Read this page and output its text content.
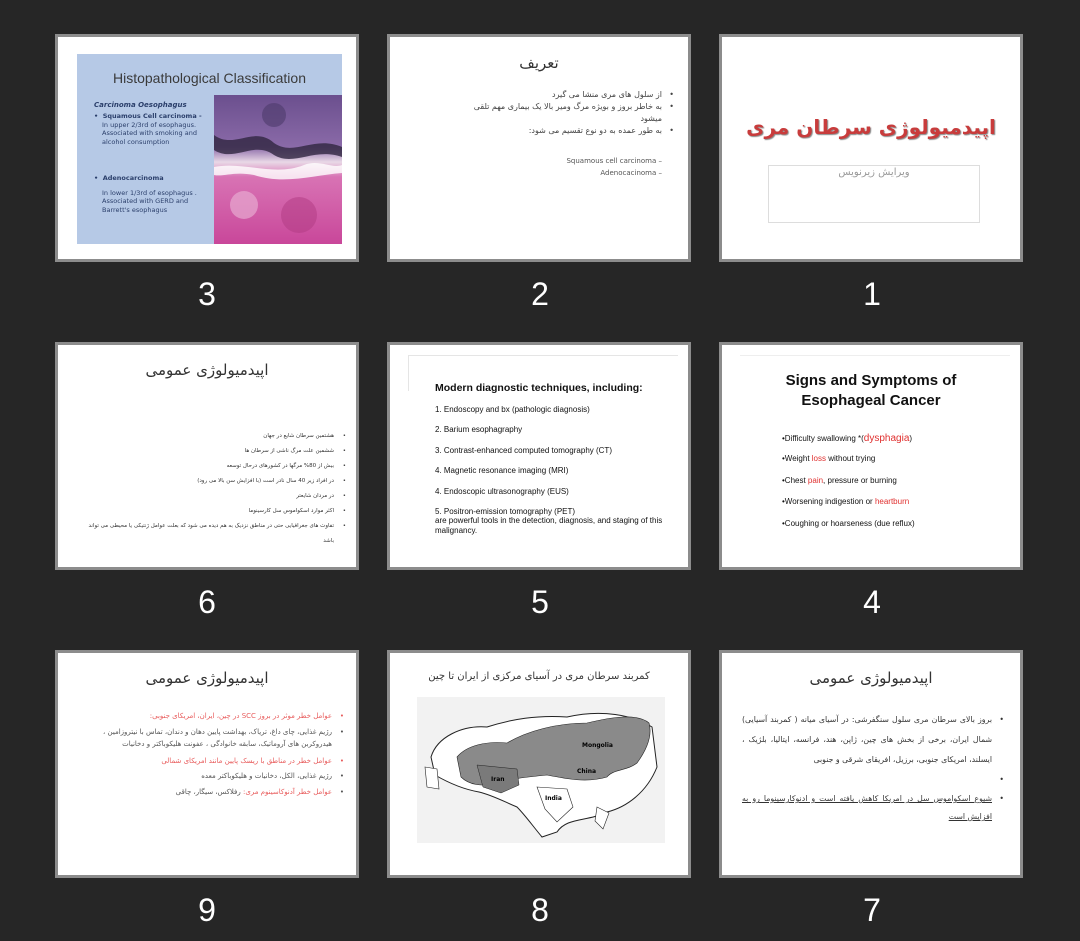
Histopathological Classification
Carcinoma Oesophagus
•  Squamous Cell carcinoma -
In upper 2/3rd of esophagus. Associated with smoking and alcohol consumption
•  Adenocarcinoma
In lower 1/3rd of esophagus . Associated with GERD and Barrett's esophagus
3
تعریف
• از سلول های مری منشا می گیرد
• به خاطر بروز و بویژه مرگ ومیر بالا یک بیماری مهم تلقی میشود
• به طور عمده به دو نوع تقسیم می شود:
Squamous cell carcinoma –
Adenocacinoma –
2
اپیدمیولوژی سرطان مری
ویرایش زیرنویس
1
اپیدمیولوژی عمومی
• هشتمین سرطان شایع در جهان
• ششمین علت مرگ ناشی از سرطان ها
• بیش از 80% مرگها در کشورهای درحال توسعه
• در افراد زیر 40 سال نادر است (با افزایش سن بالا می رود)
• در مردان شایعتر
• اکثر موارد اسکواموس سل کارسینوما
• تفاوت های جغرافیایی حتی در مناطق نزدیک به هم دیده می شود که بعلت عوامل ژنتیکی یا محیطی می تواند باشد
6
Modern diagnostic techniques, including:
1. Endoscopy and bx (pathologic diagnosis)
2. Barium esophagraphy
3. Contrast-enhanced computed tomography (CT)
4. Magnetic resonance imaging (MRI)
4. Endoscopic ultrasonography (EUS)
5. Positron-emission tomography (PET)
are powerful tools in the detection, diagnosis, and staging of this malignancy.
5
Signs and Symptoms of Esophageal Cancer
•Difficulty swallowing *(dysphagia)
•Weight loss without trying
•Chest pain, pressure or burning
•Worsening indigestion or heartburn
•Coughing or hoarseness (due reflux)
4
اپیدمیولوژی عمومی
• عوامل خطر موثر در بروز SCC در چین، ایران، امریکای جنوبی:
• رژیم غذایی، چای داغ، تریاک، بهداشت پایین دهان و دندان، تماس با نیتروزامین ، هیدروکربن های آروماتیک، سابقه خانوادگی ، عفونت هلیکوباکتر و دخانیات
• عوامل خطر در مناطق با ریسک پایین مانند امریکای شمالی
• رژیم غذایی، الکل، دخانیات و هلیکوباکتر معده
• عوامل خطر آدنوکاسینوم مری: رفلاکس، سیگار، چاقی
9
کمربند سرطان مری در آسیای مرکزی از ایران تا چین
Mongolia
Iran
China
India
8
اپیدمیولوژی عمومی
• بروز بالای سرطان مری سلول سنگفرشی: در آسیای میانه ( کمربند آسیایی) شمال ایران، برخی از بخش های چین، ژاپن، هند، فرانسه، ایتالیا، بلژیک ، ایسلند، امریکای جنوبی، برزیل، افریقای شرقی و جنوبی
•
• شیوع اسکواموس سل در امریکا کاهش یافته است و ادنوکارسینوما رو به افزایش است
7
